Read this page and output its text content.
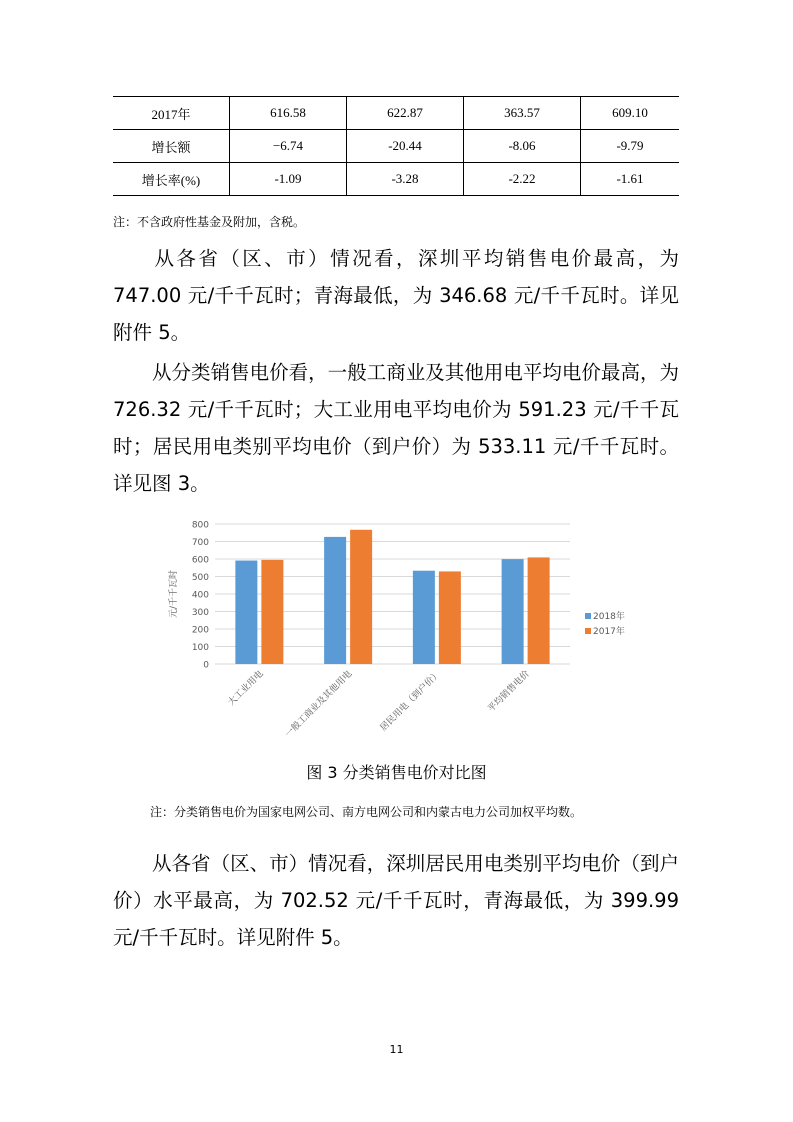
2017年	616.58	622.87	363.57	609.10
增长额	−6.74	-20.44	-8.06	-9.79
增长率(%)	-1.09	-3.28	-2.22	-1.61
注：不含政府性基金及附加，含税。

从各省（区、市）情况看，深圳平均销售电价最高，为 747.00 元/千千瓦时；青海最低，为 346.68 元/千千瓦时。详见附件 5。

从分类销售电价看，一般工商业及其他用电平均电价最高，为 726.32 元/千千瓦时；大工业用电平均电价为 591.23 元/千千瓦时；居民用电类别平均电价（到户价）为 533.11 元/千千瓦时。详见图 3。

0
100
200
300
400
500
600
700
800
元/千千瓦时
大工业用电 一般工商业及其他用电	居民用电（到户价）	平均销售电价
2018年
2017年
图 3 分类销售电价对比图
注：分类销售电价为国家电网公司、南方电网公司和内蒙古电力公司加权平均数。

从各省（区、市）情况看，深圳居民用电类别平均电价（到户价）水平最高，为 702.52 元/千千瓦时，青海最低，为 399.99 元/千千瓦时。详见附件 5。

11
